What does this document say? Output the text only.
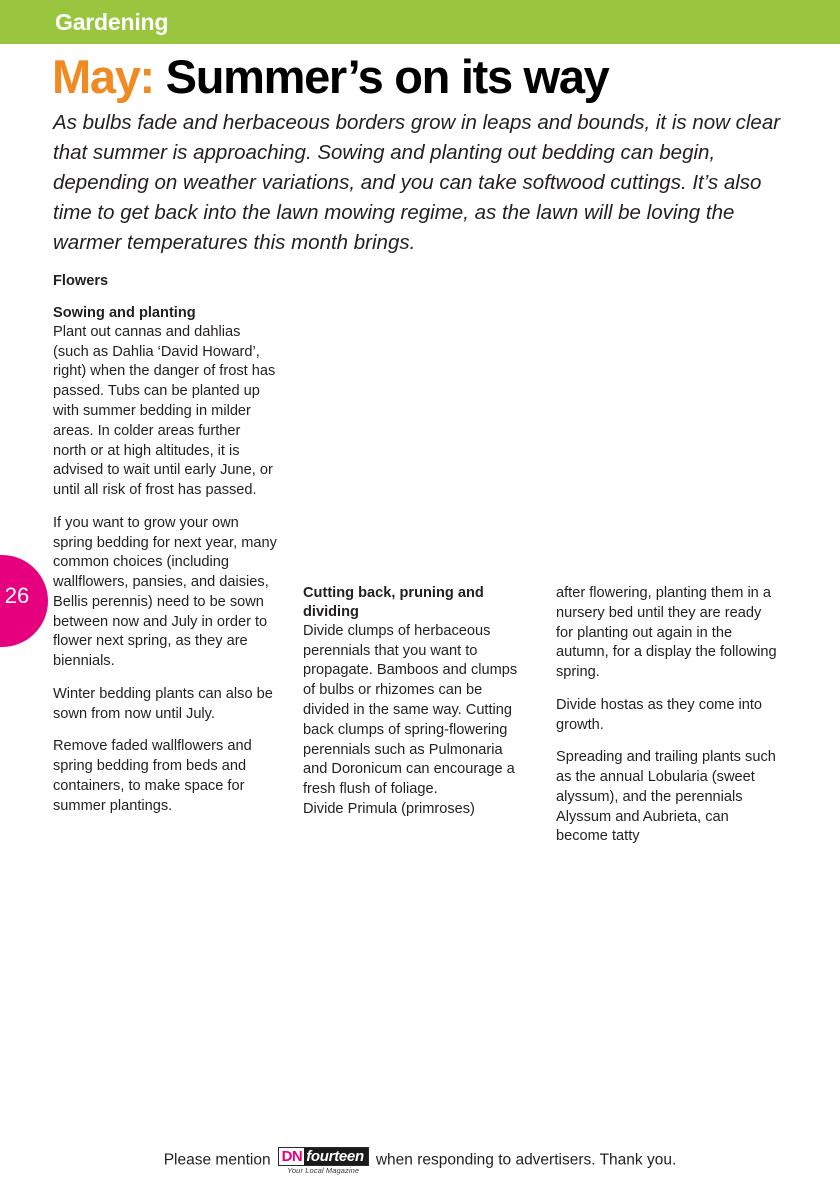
Gardening
May: Summer’s on its way
As bulbs fade and herbaceous borders grow in leaps and bounds, it is now clear that summer is approaching. Sowing and planting out bedding can begin, depending on weather variations, and you can take softwood cuttings. It’s also time to get back into the lawn mowing regime, as the lawn will be loving the warmer temperatures this month brings.
26

Flowers

Sowing and planting

Plant out cannas and dahlias (such as Dahlia ‘David Howard’, right) when the danger of frost has passed. Tubs can be planted up with summer bedding in milder areas. In colder areas further north or at high altitudes, it is advised to wait until early June, or until all risk of frost has passed.

If you want to grow your own spring bedding for next year, many common choices (including wallflowers, pansies, and daisies, Bellis perennis) need to be sown between now and July in order to flower next spring, as they are biennials.

Winter bedding plants can also be sown from now until July.

Remove faded wallflowers and spring bedding from beds and containers, to make space for summer plantings.

Cutting back, pruning and dividing

Divide clumps of herbaceous perennials that you want to propagate. Bamboos and clumps of bulbs or rhizomes can be divided in the same way. Cutting back clumps of spring-flowering perennials such as Pulmonaria and Doronicum can encourage a fresh flush of foliage.

Divide Primula (primroses)

after flowering, planting them in a nursery bed until they are ready for planting out again in the autumn, for a display the following spring.

Divide hostas as they come into growth.

Spreading and trailing plants such as the annual Lobularia (sweet alyssum), and the perennials Alyssum and Aubrieta, can become tatty

Please mention DN fourteen
Your Local Magazine
when responding to advertisers. Thank you.
